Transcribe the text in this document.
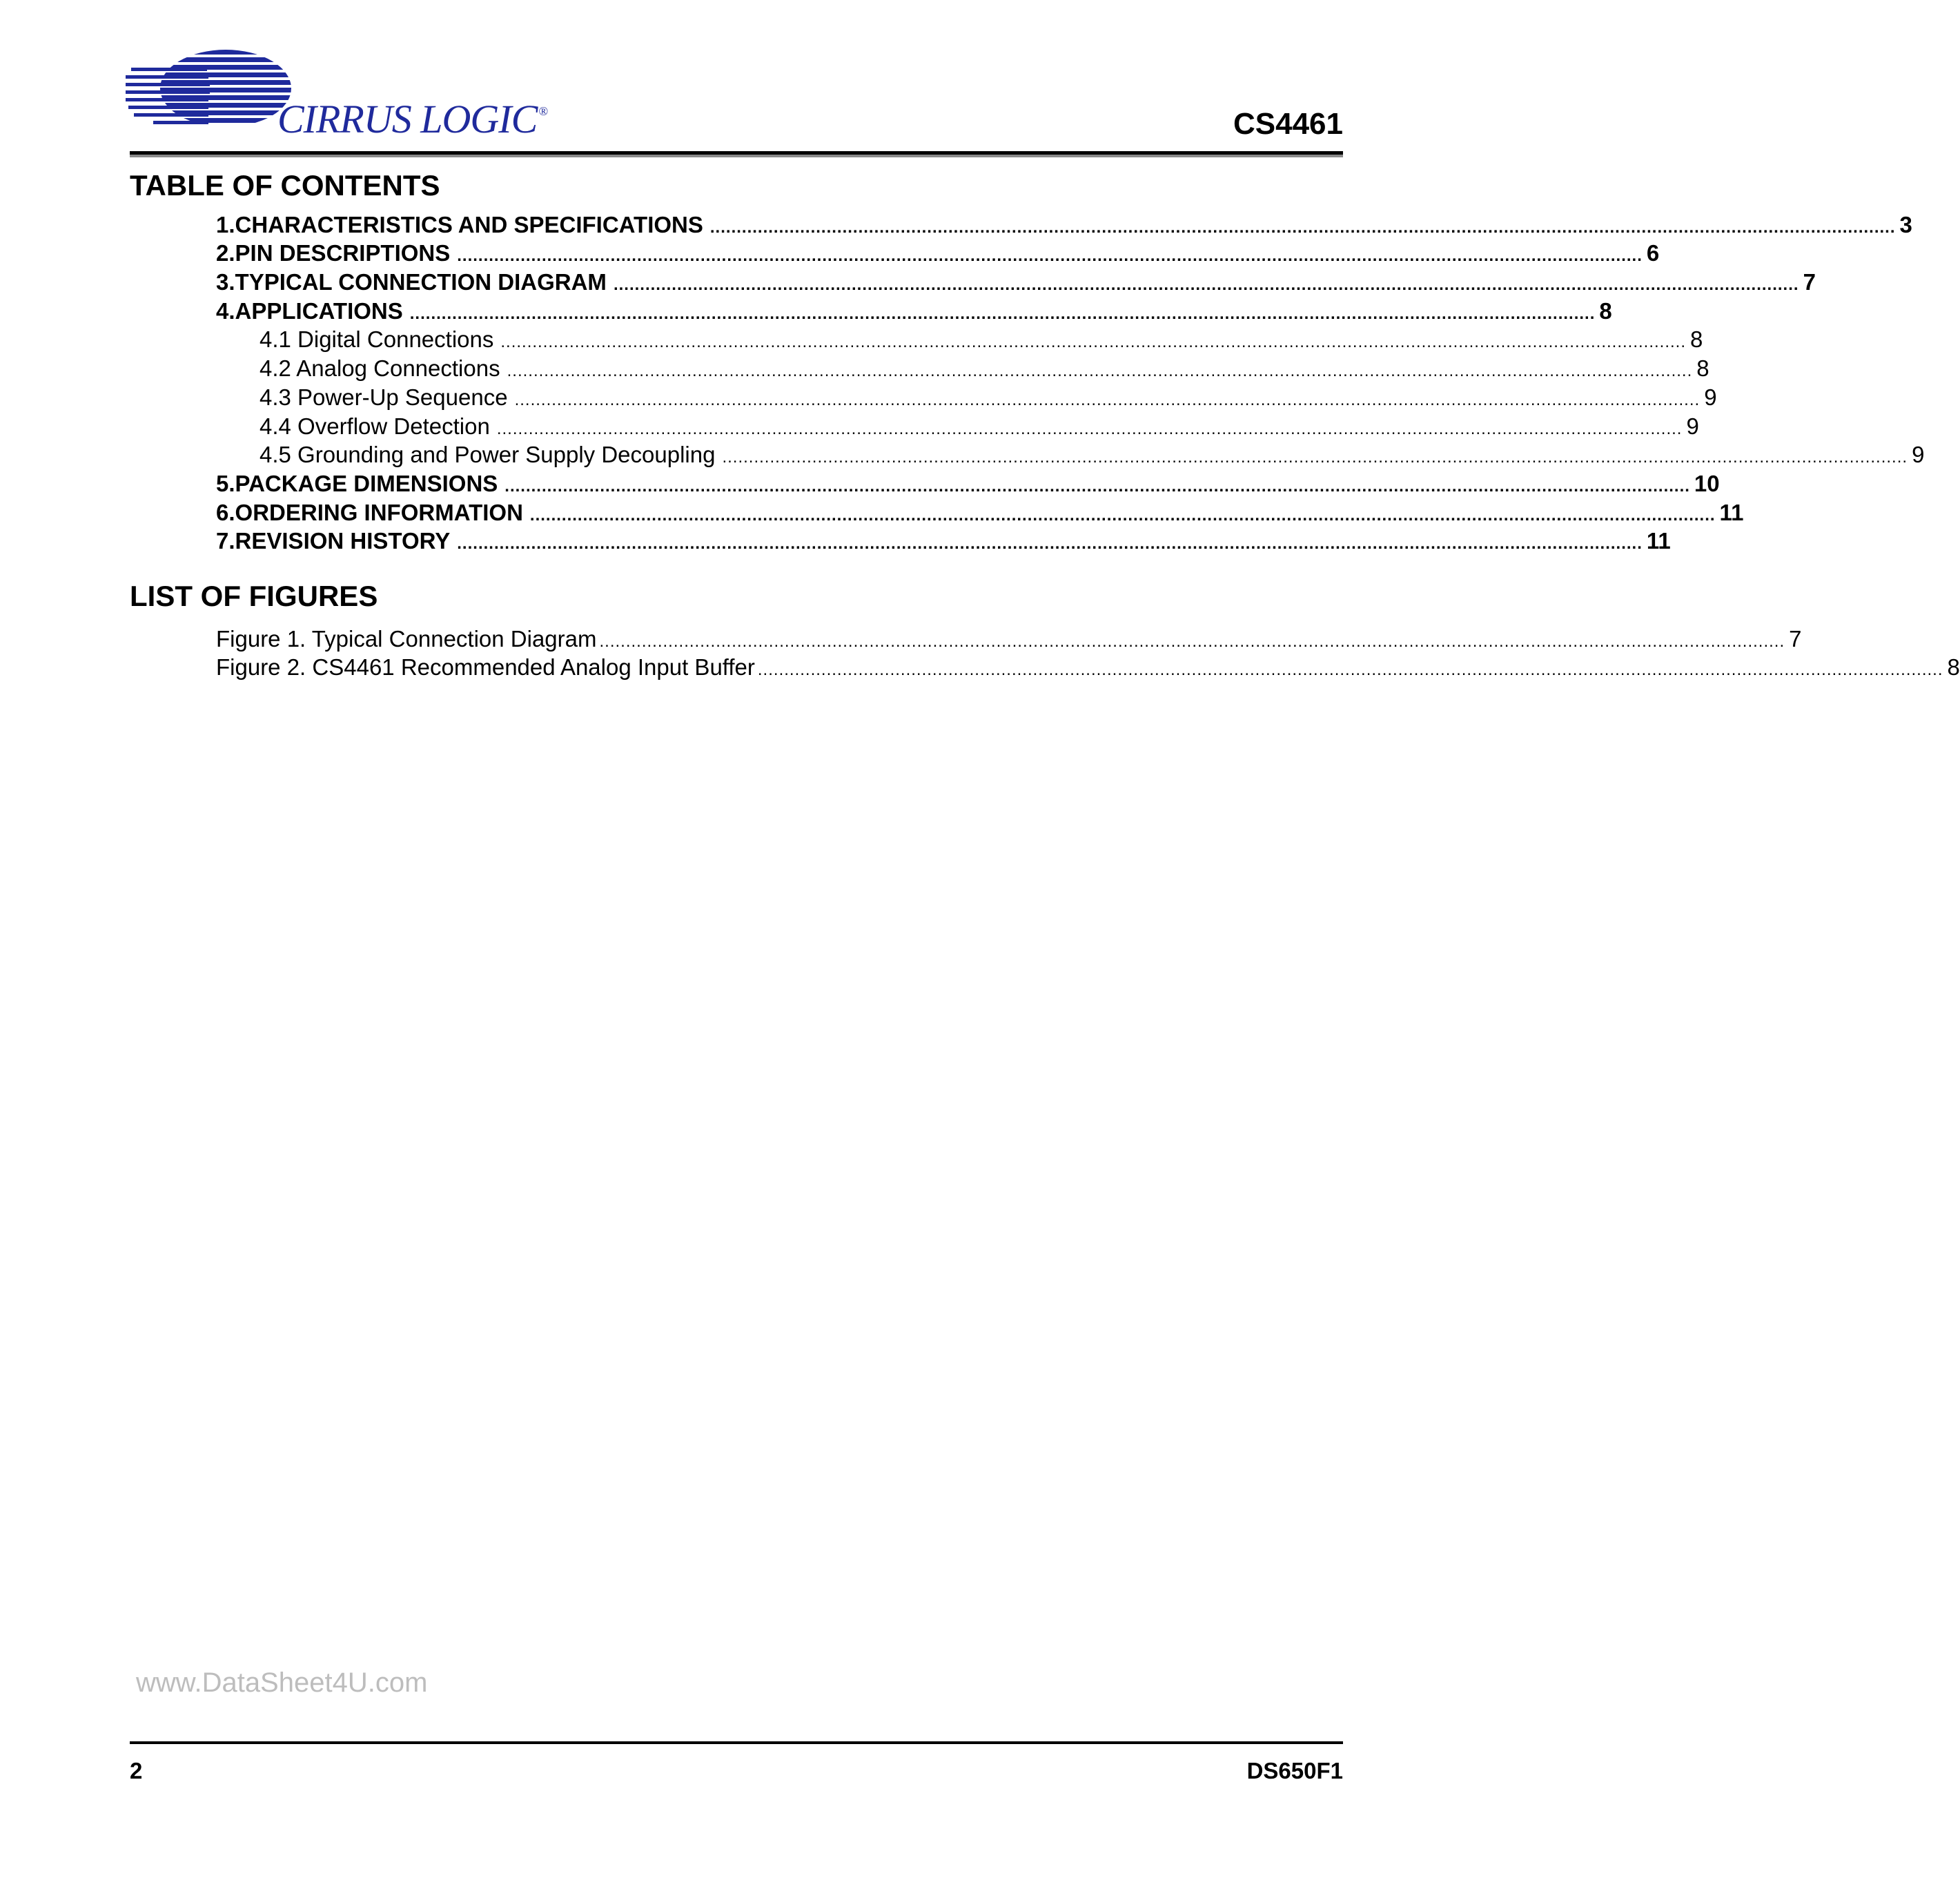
CIRRUS LOGIC ®	CS4461
TABLE OF CONTENTS
1. CHARACTERISTICS AND SPECIFICATIONS ................................................................................................................................................................................................................................ 3
2. PIN DESCRIPTIONS ................................................................................................................................................................................................................................ 6
3. TYPICAL CONNECTION DIAGRAM ................................................................................................................................................................................................................................ 7
4. APPLICATIONS ................................................................................................................................................................................................................................ 8
4.1 Digital Connections ................................................................................................................................................................................................................................ 8
4.2 Analog Connections ................................................................................................................................................................................................................................ 8
4.3 Power-Up Sequence ................................................................................................................................................................................................................................ 9
4.4 Overflow Detection ................................................................................................................................................................................................................................ 9
4.5 Grounding and Power Supply Decoupling ................................................................................................................................................................................................................................ 9
5. PACKAGE DIMENSIONS ................................................................................................................................................................................................................................ 10
6. ORDERING INFORMATION ................................................................................................................................................................................................................................ 11
7. REVISION HISTORY ................................................................................................................................................................................................................................ 11
LIST OF FIGURES
Figure 1. Typical Connection Diagram ................................................................................................................................................................................................................................ 7
Figure 2. CS4461 Recommended Analog Input Buffer ................................................................................................................................................................................................................................ 8
www.DataSheet4U.com
2	DS650F1
